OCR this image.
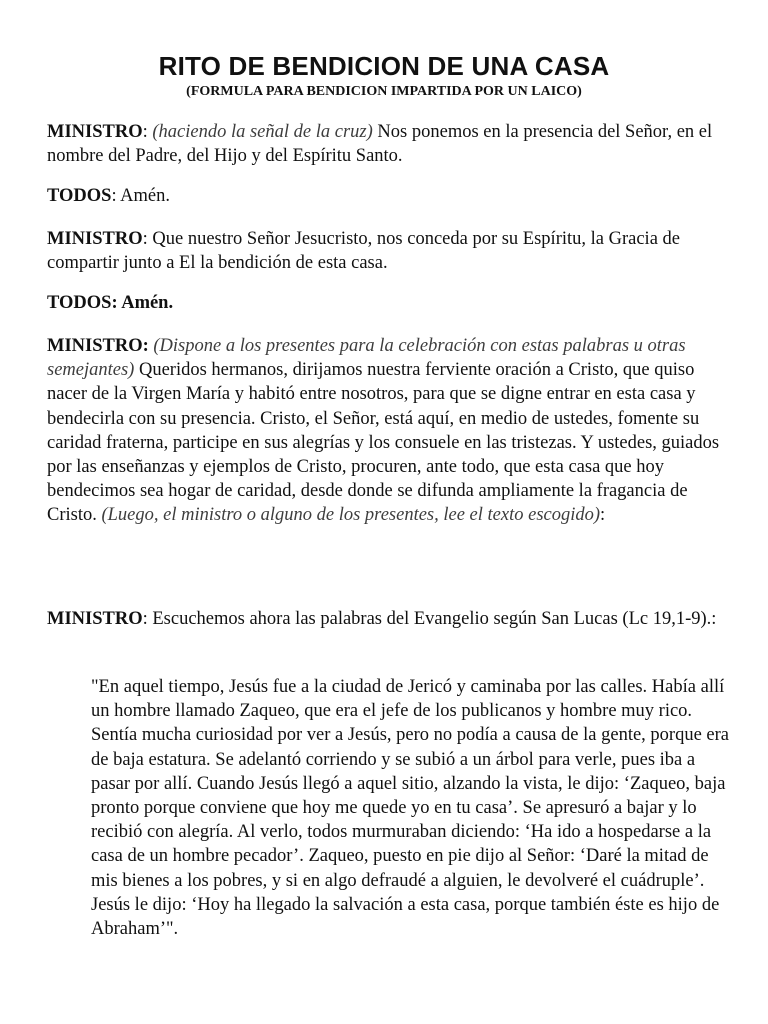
RITO DE BENDICION DE UNA CASA
(FORMULA PARA BENDICION IMPARTIDA POR UN LAICO)

MINISTRO: (haciendo la señal de la cruz) Nos ponemos en la presencia del Señor, en el nombre del Padre, del Hijo y del Espíritu Santo.

TODOS: Amén.

MINISTRO: Que nuestro Señor Jesucristo, nos conceda por su Espíritu, la Gracia de compartir junto a El la bendición de esta casa.

TODOS: Amén.

MINISTRO: (Dispone a los presentes para la celebración con estas palabras u otras semejantes) Queridos hermanos, dirijamos nuestra ferviente oración a Cristo, que quiso nacer de la Virgen María y habitó entre nosotros, para que se digne entrar en esta casa y bendecirla con su presencia. Cristo, el Señor, está aquí, en medio de ustedes, fomente su caridad fraterna, participe en sus alegrías y los consuele en las tristezas. Y ustedes, guiados por las enseñanzas y ejemplos de Cristo, procuren, ante todo, que esta casa que hoy bendecimos sea hogar de caridad, desde donde se difunda ampliamente la fragancia de Cristo. (Luego, el ministro o alguno de los presentes, lee el texto escogido):

MINISTRO: Escuchemos ahora las palabras del Evangelio según San Lucas (Lc 19,1-9).:

"En aquel tiempo, Jesús fue a la ciudad de Jericó y caminaba por las calles. Había allí un hombre llamado Zaqueo, que era el jefe de los publicanos y hombre muy rico. Sentía mucha curiosidad por ver a Jesús, pero no podía a causa de la gente, porque era de baja estatura. Se adelantó corriendo y se subió a un árbol para verle, pues iba a pasar por allí. Cuando Jesús llegó a aquel sitio, alzando la vista, le dijo: ‘Zaqueo, baja pronto porque conviene que hoy me quede yo en tu casa’. Se apresuró a bajar y lo recibió con alegría. Al verlo, todos murmuraban diciendo: ‘Ha ido a hospedarse a la casa de un hombre pecador’. Zaqueo, puesto en pie dijo al Señor: ‘Daré la mitad de mis bienes a los pobres, y si en algo defraudé a alguien, le devolveré el cuádruple’. Jesús le dijo: ‘Hoy ha llegado la salvación a esta casa, porque también éste es hijo de Abraham’".
